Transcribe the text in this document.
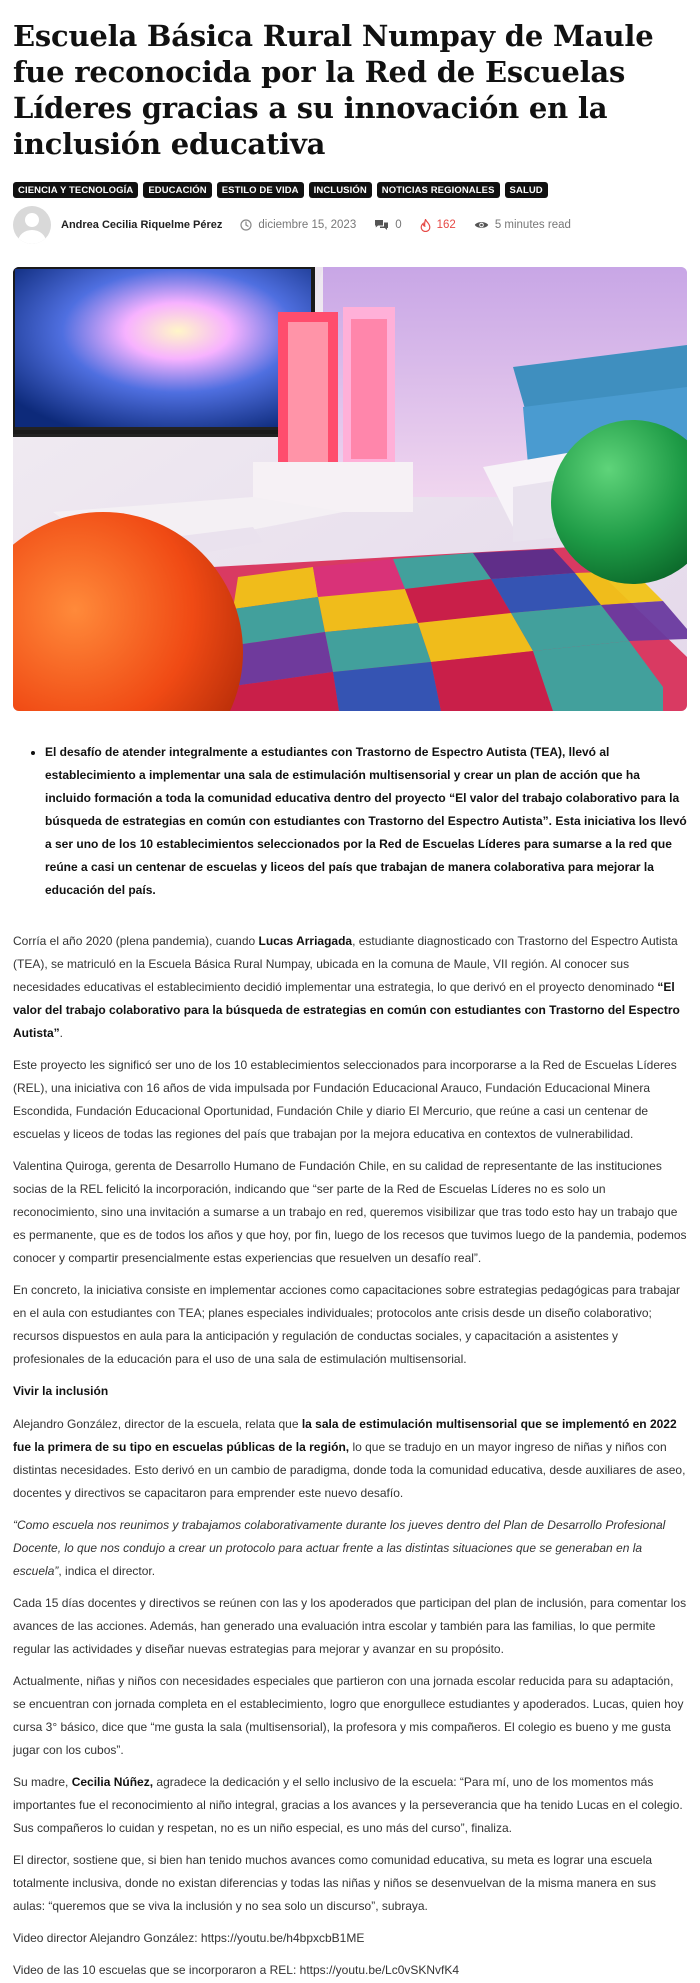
Escuela Básica Rural Numpay de Maule fue reconocida por la Red de Escuelas Líderes gracias a su innovación en la inclusión educativa
CIENCIA Y TECNOLOGÍA	EDUCACIÓN	ESTILO DE VIDA	INCLUSIÓN	NOTICIAS REGIONALES	SALUD
Andrea Cecilia Riquelme Pérez	diciembre 15, 2023	0	162	5 minutes read
• El desafío de atender integralmente a estudiantes con Trastorno de Espectro Autista (TEA), llevó al establecimiento a implementar una sala de estimulación multisensorial y crear un plan de acción que ha incluido formación a toda la comunidad educativa dentro del proyecto “El valor del trabajo colaborativo para la búsqueda de estrategias en común con estudiantes con Trastorno del Espectro Autista”. Esta iniciativa los llevó a ser uno de los 10 establecimientos seleccionados por la Red de Escuelas Líderes para sumarse a la red que reúne a casi un centenar de escuelas y liceos del país que trabajan de manera colaborativa para mejorar la educación del país.

Corría el año 2020 (plena pandemia), cuando Lucas Arriagada, estudiante diagnosticado con Trastorno del Espectro Autista (TEA), se matriculó en la Escuela Básica Rural Numpay, ubicada en la comuna de Maule, VII región. Al conocer sus necesidades educativas el establecimiento decidió implementar una estrategia, lo que derivó en el proyecto denominado “El valor del trabajo colaborativo para la búsqueda de estrategias en común con estudiantes con Trastorno del Espectro Autista”.

Este proyecto les significó ser uno de los 10 establecimientos seleccionados para incorporarse a la Red de Escuelas Líderes (REL), una iniciativa con 16 años de vida impulsada por Fundación Educacional Arauco, Fundación Educacional Minera Escondida, Fundación Educacional Oportunidad, Fundación Chile y diario El Mercurio, que reúne a casi un centenar de escuelas y liceos de todas las regiones del país que trabajan por la mejora educativa en contextos de vulnerabilidad.

Valentina Quiroga, gerenta de Desarrollo Humano de Fundación Chile, en su calidad de representante de las instituciones socias de la REL felicitó la incorporación, indicando que “ser parte de la Red de Escuelas Líderes no es solo un reconocimiento, sino una invitación a sumarse a un trabajo en red, queremos visibilizar que tras todo esto hay un trabajo que es permanente, que es de todos los años y que hoy, por fin, luego de los recesos que tuvimos luego de la pandemia, podemos conocer y compartir presencialmente estas experiencias que resuelven un desafío real”.

En concreto, la iniciativa consiste en implementar acciones como capacitaciones sobre estrategias pedagógicas para trabajar en el aula con estudiantes con TEA; planes especiales individuales; protocolos ante crisis desde un diseño colaborativo; recursos dispuestos en aula para la anticipación y regulación de conductas sociales, y capacitación a asistentes y profesionales de la educación para el uso de una sala de estimulación multisensorial.

Vivir la inclusión

Alejandro González, director de la escuela, relata que la sala de estimulación multisensorial que se implementó en 2022 fue la primera de su tipo en escuelas públicas de la región, lo que se tradujo en un mayor ingreso de niñas y niños con distintas necesidades. Esto derivó en un cambio de paradigma, donde toda la comunidad educativa, desde auxiliares de aseo, docentes y directivos se capacitaron para emprender este nuevo desafío.

“Como escuela nos reunimos y trabajamos colaborativamente durante los jueves dentro del Plan de Desarrollo Profesional Docente, lo que nos condujo a crear un protocolo para actuar frente a las distintas situaciones que se generaban en la escuela”, indica el director.

Cada 15 días docentes y directivos se reúnen con las y los apoderados que participan del plan de inclusión, para comentar los avances de las acciones. Además, han generado una evaluación intra escolar y también para las familias, lo que permite regular las actividades y diseñar nuevas estrategias para mejorar y avanzar en su propósito.

Actualmente, niñas y niños con necesidades especiales que partieron con una jornada escolar reducida para su adaptación, se encuentran con jornada completa en el establecimiento, logro que enorgullece estudiantes y apoderados. Lucas, quien hoy cursa 3° básico, dice que “me gusta la sala (multisensorial), la profesora y mis compañeros. El colegio es bueno y me gusta jugar con los cubos”.

Su madre, Cecilia Núñez, agradece la dedicación y el sello inclusivo de la escuela: “Para mí, uno de los momentos más importantes fue el reconocimiento al niño integral, gracias a los avances y la perseverancia que ha tenido Lucas en el colegio. Sus compañeros lo cuidan y respetan, no es un niño especial, es uno más del curso”, finaliza.

El director, sostiene que, si bien han tenido muchos avances como comunidad educativa, su meta es lograr una escuela totalmente inclusiva, donde no existan diferencias y todas las niñas y niños se desenvuelvan de la misma manera en sus aulas: “queremos que se viva la inclusión y no sea solo un discurso”, subraya.

Video director Alejandro González: https://youtu.be/h4bpxcbB1ME

Video de las 10 escuelas que se incorporaron a REL: https://youtu.be/Lc0vSKNvfK4
